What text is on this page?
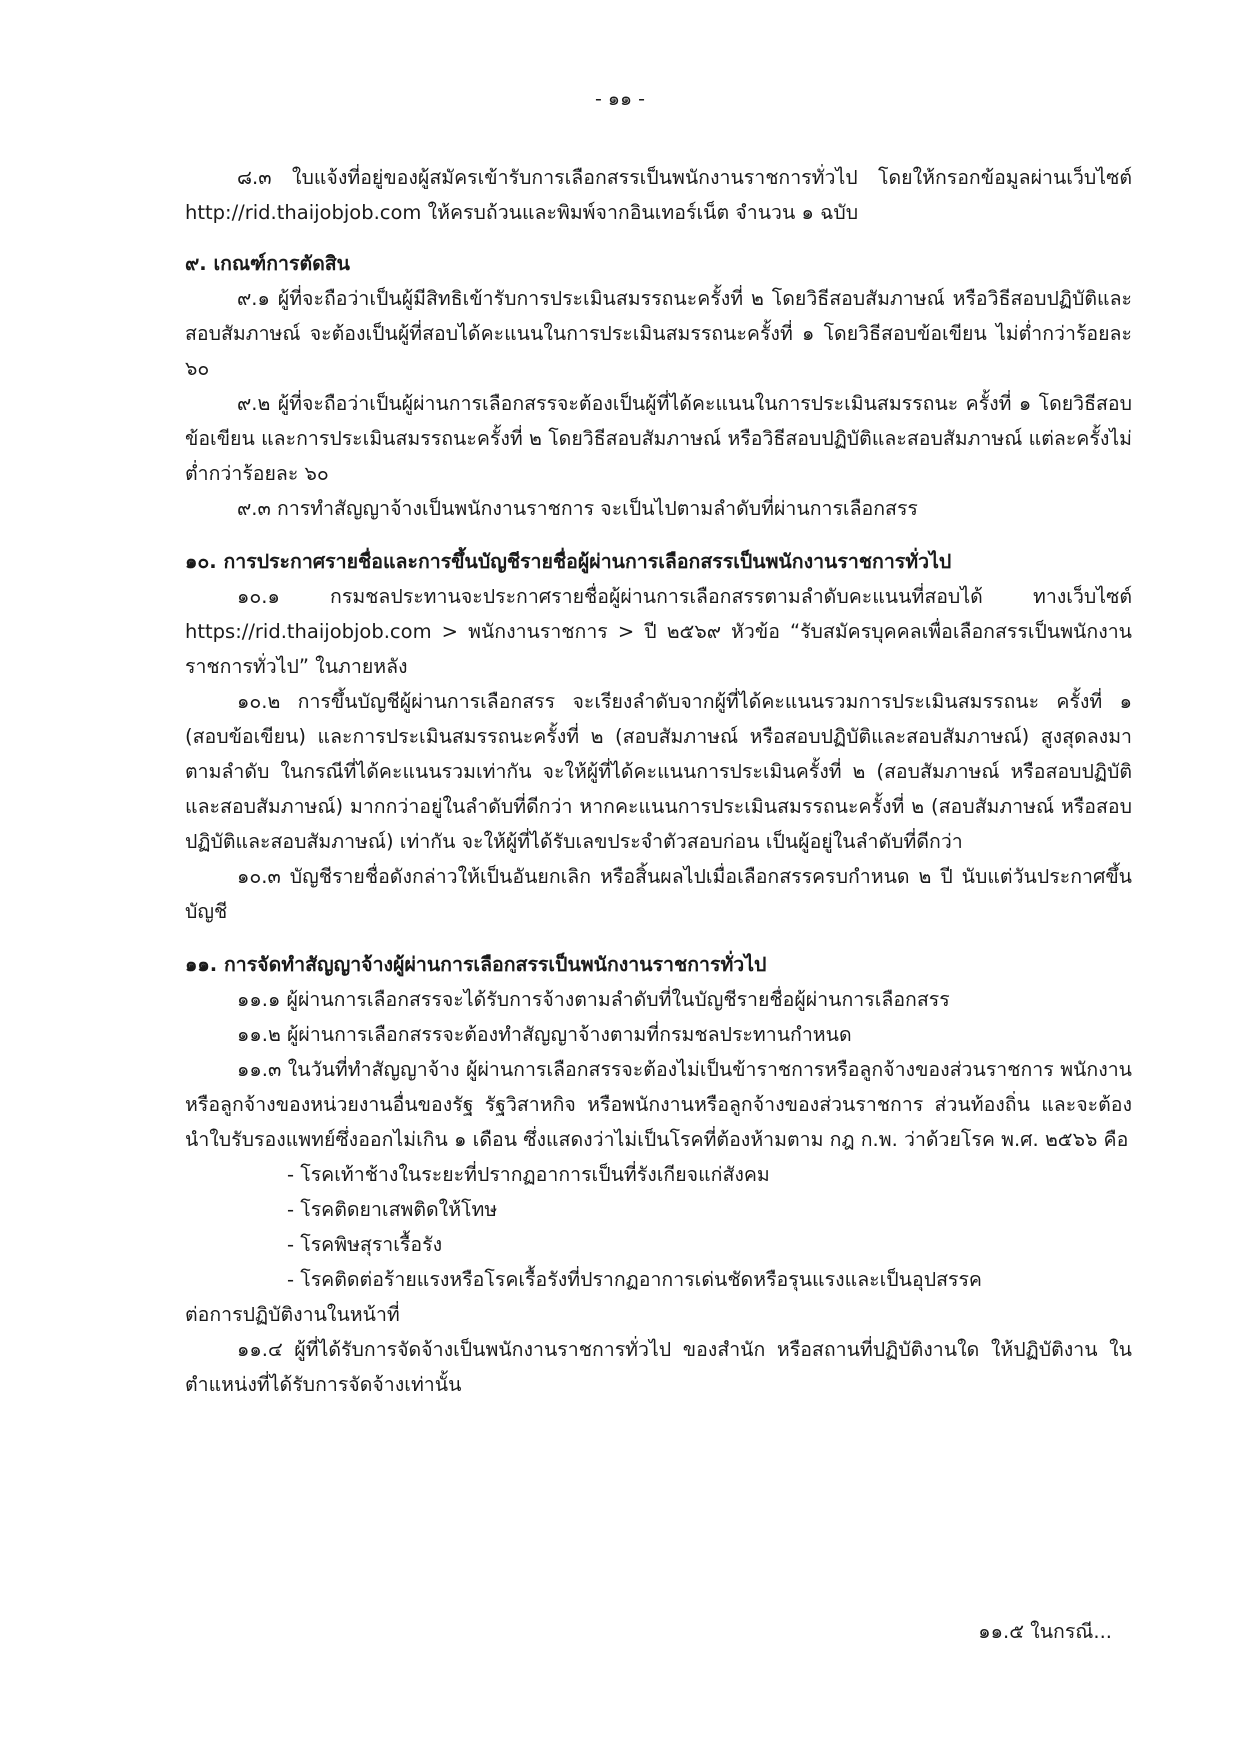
- ๑๑ -

๘.๓ ใบแจ้งที่อยู่ของผู้สมัครเข้ารับการเลือกสรรเป็นพนักงานราชการทั่วไป โดยให้กรอกข้อมูลผ่านเว็บไซต์ http://rid.thaijobjob.com ให้ครบถ้วนและพิมพ์จากอินเทอร์เน็ต จำนวน ๑ ฉบับ

๙. เกณฑ์การตัดสิน

๙.๑ ผู้ที่จะถือว่าเป็นผู้มีสิทธิเข้ารับการประเมินสมรรถนะครั้งที่ ๒ โดยวิธีสอบสัมภาษณ์ หรือวิธีสอบปฏิบัติและสอบสัมภาษณ์ จะต้องเป็นผู้ที่สอบได้คะแนนในการประเมินสมรรถนะครั้งที่ ๑ โดยวิธีสอบข้อเขียน ไม่ต่ำกว่าร้อยละ ๖๐

๙.๒ ผู้ที่จะถือว่าเป็นผู้ผ่านการเลือกสรรจะต้องเป็นผู้ที่ได้คะแนนในการประเมินสมรรถนะ ครั้งที่ ๑ โดยวิธีสอบข้อเขียน และการประเมินสมรรถนะครั้งที่ ๒ โดยวิธีสอบสัมภาษณ์ หรือวิธีสอบปฏิบัติและสอบสัมภาษณ์ แต่ละครั้งไม่ต่ำกว่าร้อยละ ๖๐

๙.๓ การทำสัญญาจ้างเป็นพนักงานราชการ จะเป็นไปตามลำดับที่ผ่านการเลือกสรร

๑๐. การประกาศรายชื่อและการขึ้นบัญชีรายชื่อผู้ผ่านการเลือกสรรเป็นพนักงานราชการทั่วไป

๑๐.๑ กรมชลประทานจะประกาศรายชื่อผู้ผ่านการเลือกสรรตามลำดับคะแนนที่สอบได้ ทางเว็บไซต์ https://rid.thaijobjob.com > พนักงานราชการ > ปี ๒๕๖๙ หัวข้อ “รับสมัครบุคคลเพื่อเลือกสรรเป็นพนักงานราชการทั่วไป” ในภายหลัง

๑๐.๒ การขึ้นบัญชีผู้ผ่านการเลือกสรร จะเรียงลำดับจากผู้ที่ได้คะแนนรวมการประเมินสมรรถนะ ครั้งที่ ๑ (สอบข้อเขียน) และการประเมินสมรรถนะครั้งที่ ๒ (สอบสัมภาษณ์ หรือสอบปฏิบัติและสอบสัมภาษณ์) สูงสุดลงมาตามลำดับ ในกรณีที่ได้คะแนนรวมเท่ากัน จะให้ผู้ที่ได้คะแนนการประเมินครั้งที่ ๒ (สอบสัมภาษณ์ หรือสอบปฏิบัติและสอบสัมภาษณ์) มากกว่าอยู่ในลำดับที่ดีกว่า หากคะแนนการประเมินสมรรถนะครั้งที่ ๒ (สอบสัมภาษณ์ หรือสอบปฏิบัติและสอบสัมภาษณ์) เท่ากัน จะให้ผู้ที่ได้รับเลขประจำตัวสอบก่อน เป็นผู้อยู่ในลำดับที่ดีกว่า

๑๐.๓ บัญชีรายชื่อดังกล่าวให้เป็นอันยกเลิก หรือสิ้นผลไปเมื่อเลือกสรรครบกำหนด ๒ ปี นับแต่วันประกาศขึ้นบัญชี

๑๑. การจัดทำสัญญาจ้างผู้ผ่านการเลือกสรรเป็นพนักงานราชการทั่วไป

๑๑.๑ ผู้ผ่านการเลือกสรรจะได้รับการจ้างตามลำดับที่ในบัญชีรายชื่อผู้ผ่านการเลือกสรร

๑๑.๒ ผู้ผ่านการเลือกสรรจะต้องทำสัญญาจ้างตามที่กรมชลประทานกำหนด

๑๑.๓ ในวันที่ทำสัญญาจ้าง ผู้ผ่านการเลือกสรรจะต้องไม่เป็นข้าราชการหรือลูกจ้างของส่วนราชการ พนักงานหรือลูกจ้างของหน่วยงานอื่นของรัฐ รัฐวิสาหกิจ หรือพนักงานหรือลูกจ้างของส่วนราชการ ส่วนท้องถิ่น และจะต้องนำใบรับรองแพทย์ซึ่งออกไม่เกิน ๑ เดือน ซึ่งแสดงว่าไม่เป็นโรคที่ต้องห้ามตาม กฎ ก.พ. ว่าด้วยโรค พ.ศ. ๒๕๖๖ คือ

- โรคเท้าช้างในระยะที่ปรากฏอาการเป็นที่รังเกียจแก่สังคม

- โรคติดยาเสพติดให้โทษ

- โรคพิษสุราเรื้อรัง

- โรคติดต่อร้ายแรงหรือโรคเรื้อรังที่ปรากฏอาการเด่นชัดหรือรุนแรงและเป็นอุปสรรค

ต่อการปฏิบัติงานในหน้าที่

๑๑.๔ ผู้ที่ได้รับการจัดจ้างเป็นพนักงานราชการทั่วไป ของสำนัก หรือสถานที่ปฏิบัติงานใด ให้ปฏิบัติงาน ในตำแหน่งที่ได้รับการจัดจ้างเท่านั้น

๑๑.๕ ในกรณี...
